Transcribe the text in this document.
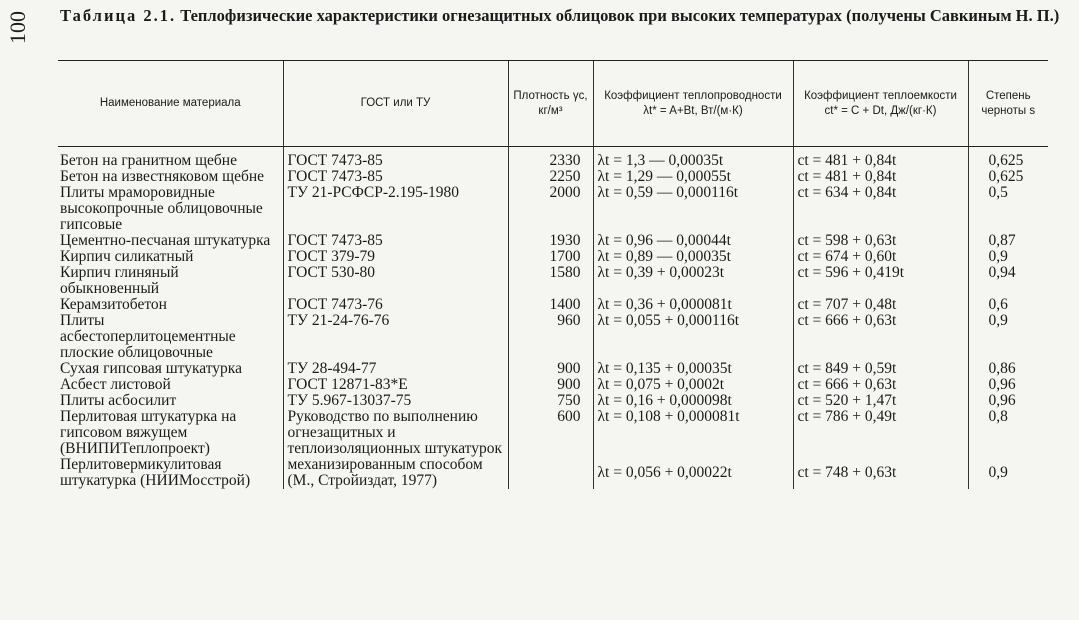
100 Таблица 2.1. Теплофизические характеристики огнезащитных облицовок при высоких температурах (получены Савкиным Н. П.)
Наименование материала	ГОСТ или ТУ	Плотность γc, кг/м³	Коэффициент теплопроводности λt* = A+Bt, Вт/(м·К)	Коэффициент теплоемкости ct* = C + Dt, Дж/(кг·К)	Степень черноты s
Бетон на гранитном щебне	ГОСТ 7473-85	2330	λt = 1,3 — 0,00035t	ct = 481 + 0,84t	0,625
Бетон на известняковом щебне	ГОСТ 7473-85	2250	λt = 1,29 — 0,00055t	ct = 481 + 0,84t	0,625
Плиты мраморовидные высокопрочные облицовочные гипсовые	ТУ 21-РСФСР-2.195-1980	2000	λt = 0,59 — 0,000116t	ct = 634 + 0,84t	0,5
Цементно-песчаная штукатурка	ГОСТ 7473-85	1930	λt = 0,96 — 0,00044t	ct = 598 + 0,63t	0,87
Кирпич силикатный	ГОСТ 379-79	1700	λt = 0,89 — 0,00035t	ct = 674 + 0,60t	0,9
Кирпич глиняный обыкновенный	ГОСТ 530-80	1580	λt = 0,39 + 0,00023t	ct = 596 + 0,419t	0,94
Керамзитобетон	ГОСТ 7473-76	1400	λt = 0,36 + 0,000081t	ct = 707 + 0,48t	0,6
Плиты асбестоперлитоцементные плоские облицовочные	ТУ 21-24-76-76	960	λt = 0,055 + 0,000116t	ct = 666 + 0,63t	0,9
Сухая гипсовая штукатурка	ТУ 28-494-77	900	λt = 0,135 + 0,00035t	ct = 849 + 0,59t	0,86
Асбест листовой	ГОСТ 12871-83*Е	900	λt = 0,075 + 0,0002t	ct = 666 + 0,63t	0,96
Плиты асбосилит	ТУ 5.967-13037-75	750	λt = 0,16 + 0,000098t	ct = 520 + 1,47t	0,96
Перлитовая штукатурка на гипсовом вяжущем (ВНИПИТеплопроект)	Руководство по выполнению огнезащитных и теплоизоляционных штукатурок механизированным способом (М., Стройиздат, 1977)	600	λt = 0,108 + 0,000081t	ct = 786 + 0,49t	0,8
Перлитовермикулитовая штукатурка (НИИМосстрой)			λt = 0,056 + 0,00022t	ct = 748 + 0,63t	0,9
